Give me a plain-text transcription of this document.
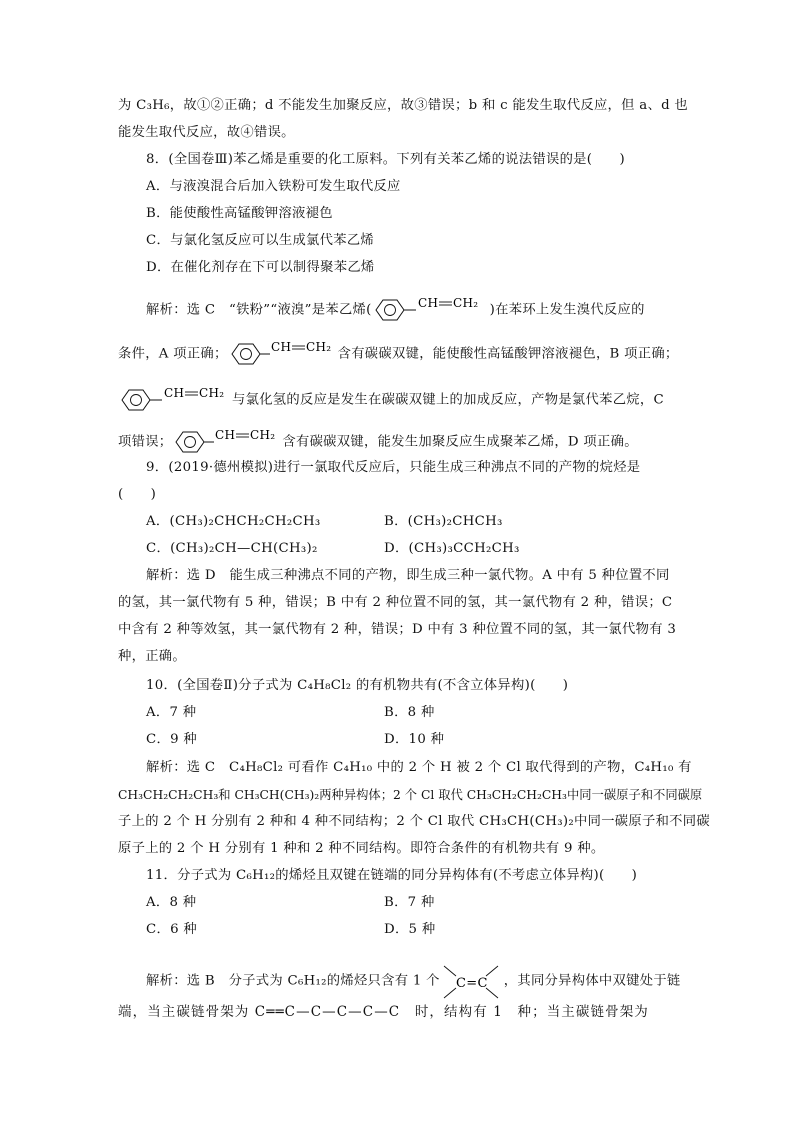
为 C₃H₆，故①②正确；d 不能发生加聚反应，故③错误；b 和 c 能发生取代反应，但 a、d 也
能发生取代反应，故④错误。
8．(全国卷Ⅲ)苯乙烯是重要的化工原料。下列有关苯乙烯的说法错误的是(　　)
A．与液溴混合后加入铁粉可发生取代反应
B．能使酸性高锰酸钾溶液褪色
C．与氯化氢反应可以生成氯代苯乙烯
D．在催化剂存在下可以制得聚苯乙烯
解析：选 C　“铁粉”“液溴”是苯乙烯(	CH CH₂ )在苯环上发生溴代反应的
条件，A 项正确；	CH CH₂ 含有碳碳双键，能使酸性高锰酸钾溶液褪色，B 项正确；
CH CH₂ 与氯化氢的反应是发生在碳碳双键上的加成反应，产物是氯代苯乙烷，C
项错误；	CH CH₂ 含有碳碳双键，能发生加聚反应生成聚苯乙烯，D 项正确。
9．(2019·德州模拟)进行一氯取代反应后，只能生成三种沸点不同的产物的烷烃是
(　　)
A．(CH₃)₂CHCH₂CH₂CH₃	B．(CH₃)₂CHCH₃
C．(CH₃)₂CH—CH(CH₃)₂	D．(CH₃)₃CCH₂CH₃
解析：选 D　能生成三种沸点不同的产物，即生成三种一氯代物。A 中有 5 种位置不同
的氢，其一氯代物有 5 种，错误；B 中有 2 种位置不同的氢，其一氯代物有 2 种，错误；C
中含有 2 种等效氢，其一氯代物有 2 种，错误；D 中有 3 种位置不同的氢，其一氯代物有 3
种，正确。
10．(全国卷Ⅱ)分子式为 C₄H₈Cl₂ 的有机物共有(不含立体异构)(　　)
A．7 种	B．8 种
C．9 种	D．10 种
解析：选 C　C₄H₈Cl₂ 可看作 C₄H₁₀ 中的 2 个 H 被 2 个 Cl 取代得到的产物，C₄H₁₀ 有
CH₃CH₂CH₂CH₃和 CH₃CH(CH₃)₂两种异构体；2 个 Cl 取代 CH₃CH₂CH₂CH₃中同一碳原子和不同碳原
子上的 2 个 H 分别有 2 种和 4 种不同结构；2 个 Cl 取代 CH₃CH(CH₃)₂中同一碳原子和不同碳
原子上的 2 个 H 分别有 1 种和 2 种不同结构。即符合条件的有机物共有 9 种。
11．分子式为 C₆H₁₂的烯烃且双键在链端的同分异构体有(不考虑立体异构)(　　)
A．8 种	B．7 种
C．6 种	D．5 种
解析：选 B　分子式为 C₆H₁₂的烯烃只含有 1 个 C=C ，其同分异构体中双键处于链
端，当主碳链骨架为 C══C—C—C—C—C　时，结构有 1　种；当主碳链骨架为
